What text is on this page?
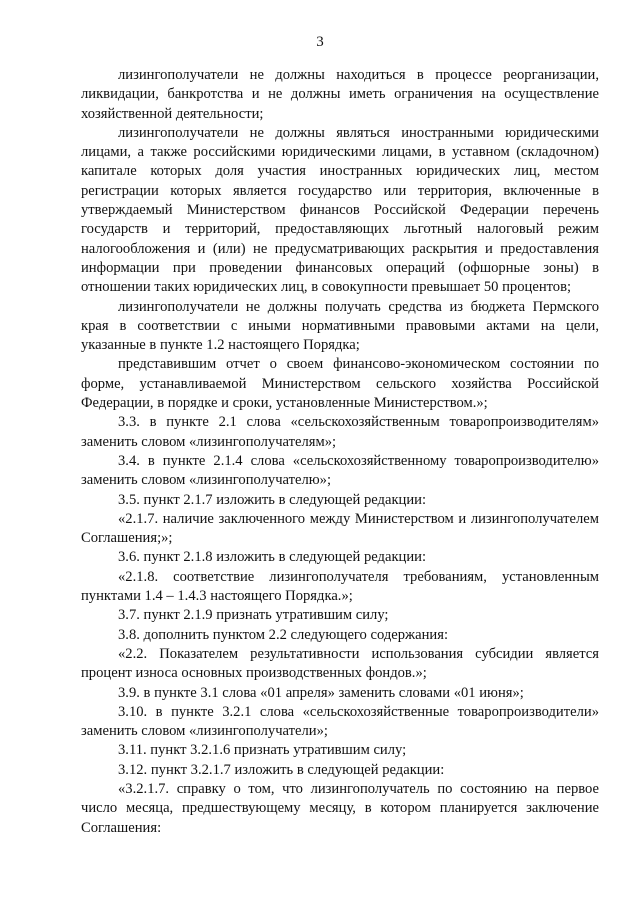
3

лизингополучатели не должны находиться в процессе реорганизации, ликвидации, банкротства и не должны иметь ограничения на осуществление хозяйственной деятельности;

лизингополучатели не должны являться иностранными юридическими лицами, а также российскими юридическими лицами, в уставном (складочном) капитале которых доля участия иностранных юридических лиц, местом регистрации которых является государство или территория, включенные в утверждаемый Министерством финансов Российской Федерации перечень государств и территорий, предоставляющих льготный налоговый режим налогообложения и (или) не предусматривающих раскрытия и предоставления информации при проведении финансовых операций (офшорные зоны) в отношении таких юридических лиц, в совокупности превышает 50 процентов;

лизингополучатели не должны получать средства из бюджета Пермского края в соответствии с иными нормативными правовыми актами на цели, указанные в пункте 1.2 настоящего Порядка;

представившим отчет о своем финансово-экономическом состоянии по форме, устанавливаемой Министерством сельского хозяйства Российской Федерации, в порядке и сроки, установленные Министерством.»;

3.3. в пункте 2.1 слова «сельскохозяйственным товаропроизводителям» заменить словом «лизингополучателям»;

3.4. в пункте 2.1.4 слова «сельскохозяйственному товаропроизводителю» заменить словом «лизингополучателю»;

3.5. пункт 2.1.7 изложить в следующей редакции:

«2.1.7. наличие заключенного между Министерством и лизингополучателем Соглашения;»;

3.6. пункт 2.1.8 изложить в следующей редакции:

«2.1.8. соответствие лизингополучателя требованиям, установленным пунктами 1.4 – 1.4.3 настоящего Порядка.»;

3.7. пункт 2.1.9 признать утратившим силу;

3.8. дополнить пунктом 2.2 следующего содержания:

«2.2. Показателем результативности использования субсидии является процент износа основных производственных фондов.»;

3.9. в пункте 3.1 слова «01 апреля» заменить словами «01 июня»;

3.10. в пункте 3.2.1 слова «сельскохозяйственные товаропроизводители» заменить словом «лизингополучатели»;

3.11. пункт 3.2.1.6 признать утратившим силу;

3.12. пункт 3.2.1.7 изложить в следующей редакции:

«3.2.1.7. справку о том, что лизингополучатель по состоянию на первое число месяца, предшествующему месяцу, в котором планируется заключение Соглашения:
